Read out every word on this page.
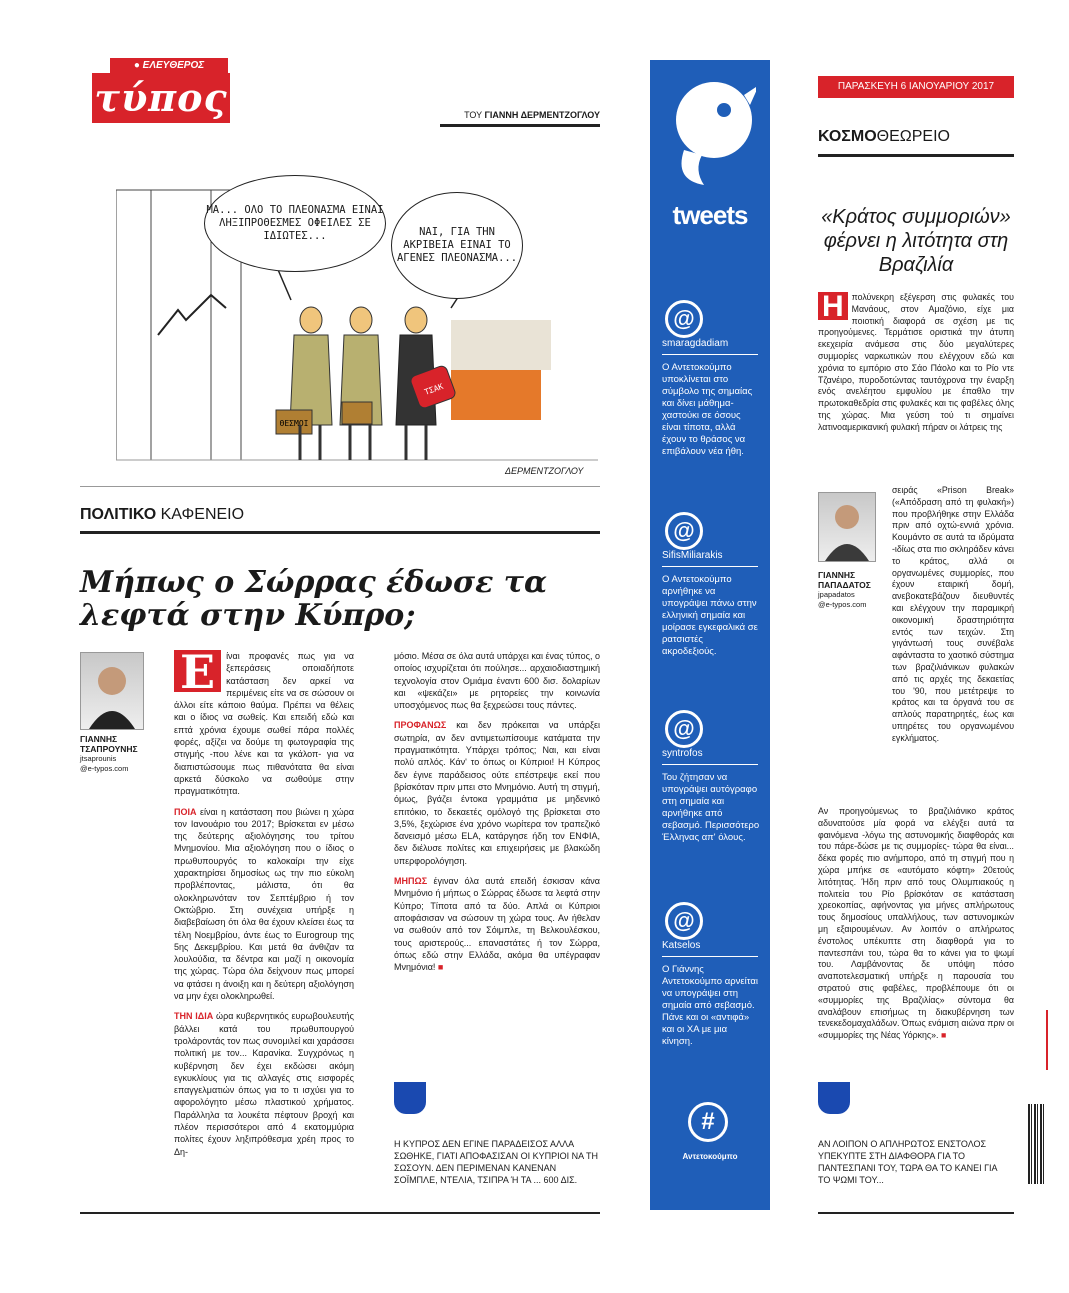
● ΕΛΕΥΘΕΡΟΣ
τύπος	ΤΟΥ ΓΙΑΝΝΗ ΔΕΡΜΕΝΤΖΟΓΛΟΥ
ΘΕΣΜΟΙ
ΤΣΑΚ
ΜΑ... ΟΛΟ ΤΟ ΠΛΕΟΝΑΣΜΑ ΕΙΝΑΙ ΛΗΞΙΠΡΟΘΕΣΜΕΣ ΟΦΕΙΛΕΣ ΣΕ ΙΔΙΩΤΕΣ...	ΝΑΙ, ΓΙΑ ΤΗΝ ΑΚΡΙΒΕΙΑ ΕΙΝΑΙ ΤΟ ΑΓΕΝΕΣ ΠΛΕΟΝΑΣΜΑ...
ΔΕΡΜΕΝΤΖΟΓΛΟΥ
ΠΟΛΙΤΙΚΟ ΚΑΦΕΝΕΙΟ
Μήπως ο Σώρρας έδωσε τα λεφτά στην Κύπρο;
ΓΙΑΝΝΗΣ
ΤΣΑΠΡΟΥΝΗΣ
jtsaprounis
@e-typos.com

Ε	ίναι προφανές πως για να ξεπεράσεις οποιαδήποτε κατάσταση δεν αρκεί να περιμένεις είτε να σε σώσουν οι άλλοι είτε κάποιο θαύμα. Πρέπει να θέλεις και ο ίδιος να σωθείς. Και επειδή εδώ και επτά χρόνια έχουμε σωθεί πάρα πολλές φορές, αξίζει να δούμε τη φωτογραφία της στιγμής -που λένε και τα γκάλοπ- για να διαπιστώσουμε πως πιθανότατα θα είναι αρκετά δύσκολο να σωθούμε στην πραγματικότητα.

ΠΟΙΑ είναι η κατάσταση που βιώνει η χώρα τον Ιανουάριο του 2017; Βρίσκεται εν μέσω της δεύτερης αξιολόγησης του τρίτου Μνημονίου. Μια αξιολόγηση που ο ίδιος ο πρωθυπουργός το καλοκαίρι την είχε χαρακτηρίσει δημοσίως ως την πιο εύκολη προβλέποντας, μάλιστα, ότι θα ολοκληρωνόταν τον Σεπτέμβριο ή τον Οκτώβριο. Στη συνέχεια υπήρξε η διαβεβαίωση ότι όλα θα έχουν κλείσει έως τα τέλη Νοεμβρίου, άντε έως το Eurogroup της 5ης Δεκεμβρίου. Και μετά θα άνθιζαν τα λουλούδια, τα δέντρα και μαζί η οικονομία της χώρας. Τώρα όλα δείχνουν πως μπορεί να φτάσει η άνοιξη και η δεύτερη αξιολόγηση να μην έχει ολοκληρωθεί.

ΤΗΝ ΙΔΙΑ ώρα κυβερνητικός ευρωβουλευτής βάλλει κατά του πρωθυπουργού τρολάροντάς τον πως συνομιλεί και χαράσσει πολιτική με τον... Καρανίκα. Συγχρόνως η κυβέρνηση δεν έχει εκδώσει ακόμη εγκυκλίους για τις αλλαγές στις εισφορές επαγγελματιών όπως για το τι ισχύει για το αφορολόγητο μέσω πλαστικού χρήματος. Παράλληλα τα λουκέτα πέφτουν βροχή και πλέον περισσότεροι από 4 εκατομμύρια πολίτες έχουν ληξιπρόθεσμα χρέη προς το Δη-

μόσιο. Μέσα σε όλα αυτά υπάρχει και ένας τύπος, ο οποίος ισχυρίζεται ότι πούλησε... αρχαιοδιαστημική τεχνολογία στον Ομιάμα έναντι 600 δισ. δολαρίων και «ψεκάζει» με ρητορείες την κοινωνία υποσχόμενος πως θα ξεχρεώσει τους πάντες.

ΠΡΟΦΑΝΩΣ και δεν πρόκειται να υπάρξει σωτηρία, αν δεν αντιμετωπίσουμε κατάματα την πραγματικότητα. Υπάρχει τρόπος; Ναι, και είναι πολύ απλός. Κάν' το όπως οι Κύπριοι! Η Κύπρος δεν έγινε παράδεισος ούτε επέστρεψε εκεί που βρίσκόταν πριν μπει στο Μνημόνιο. Αυτή τη στιγμή, όμως, βγάζει έντοκα γραμμάτια με μηδενικό επιτόκιο, το δεκαετές ομόλογό της βρίσκεται στο 3,5%, ξεχώρισε ένα χρόνο νωρίτερα τον τραπεζικό δανεισμό μέσω ELA, κατάργησε ήδη τον ΕΝΦΙΑ, δεν διέλυσε πολίτες και επιχειρήσεις με βλακώδη υπερφορολόγηση.

ΜΗΠΩΣ έγιναν όλα αυτά επειδή έσκισαν κάνα Μνημόνιο ή μήπως ο Σώρρας έδωσε τα λεφτά στην Κύπρο; Τίποτα από τα δύο. Απλά οι Κύπριοι αποφάσισαν να σώσουν τη χώρα τους. Αν ήθελαν να σωθούν από τον Σόιμπλε, τη Βελκουλέσκου, τους αριστερούς... επαναστάτες ή τον Σώρρα, όπως εδώ στην Ελλάδα, ακόμα θα υπέγραφαν Μνημόνια! ■

Η ΚΥΠΡΟΣ ΔΕΝ ΕΓΙΝΕ ΠΑΡΑΔΕΙΣΟΣ ΑΛΛΑ ΣΩΘΗΚΕ, ΓΙΑΤΙ ΑΠΟΦΑΣΙΣΑΝ ΟΙ ΚΥΠΡΙΟΙ ΝΑ ΤΗ ΣΩΣΟΥΝ. ΔΕΝ ΠΕΡΙΜΕΝΑΝ ΚΑΝΕΝΑΝ ΣΟΪΜΠΛΕ, ΝΤΕΛΙΑ, ΤΣΙΠΡΑ Ή ΤΑ ... 600 ΔΙΣ.
tweets
@
smaragdadiam
Ο Αντετοκούμπο υποκλίνεται στο σύμβολο της σημαίας και δίνει μάθημα-χαστούκι σε όσους είναι τίποτα, αλλά έχουν το θράσος να επιβάλουν νέα ήθη.
@
SifisMiliarakis
Ο Αντετοκούμπο αρνήθηκε να υπογράψει πάνω στην ελληνική σημαία και μοίρασε εγκεφαλικά σε ρατσιστές ακροδεξιούς.
@
syntrofos
Του ζήτησαν να υπογράψει αυτόγραφο στη σημαία και αρνήθηκε από σεβασμό. Περισσότερο Έλληνας απ' όλους.
@
Katselos
Ο Γιάννης Αντετοκούμπο αρνείται να υπογράψει στη σημαία από σεβασμό. Πάνε και οι «αντιφά» και οι ΧΑ με μια κίνηση.
#
Αντετοκούμπο
ΠΑΡΑΣΚΕΥΗ 6 ΙΑΝΟΥΑΡΙΟΥ 2017
ΚΟΣΜΟΘΕΩΡΕΙΟ
«Κράτος συμμοριών» φέρνει η λιτότητα στη Βραζιλία

Η πολύνεκρη εξέγερση στις φυλακές του Μανάους, στον Αμαζόνιο, είχε μια ποιοτική διαφορά σε σχέση με τις προηγούμενες. Τερμάτισε οριστικά την άτυπη εκεχειρία ανάμεσα στις δύο μεγαλύτερες συμμορίες ναρκωτικών που ελέγχουν εδώ και χρόνια το εμπόριο στο Σάο Πάολο και το Ρίο ντε Τζανέιρο, πυροδοτώντας ταυτόχρονα την έναρξη ενός ανελέητου εμφυλίου με έπαθλο την πρωτοκαθεδρία στις φυλακές και τις φαβέλες όλης της χώρας. Μια γεύση τού τι σημαίνει λατινοαμερικανική φυλακή πήραν οι λάτρεις της

ΓΙΑΝΝΗΣ
ΠΑΠΑΔΑΤΟΣ
jpapadatos
@e-typos.com

σειράς «Prison Break» («Απόδραση από τη φυλακή») που προβλήθηκε στην Ελλάδα πριν από οχτώ-εννιά χρόνια. Κουμάντο σε αυτά τα ιδρύματα -ιδίως στα πιο σκληράδεν κάνει το κράτος, αλλά οι οργανωμένες συμμορίες, που έχουν εταιρική δομή, ανεβοκατεβάζουν διευθυντές και ελέγχουν την παραμικρή οικονομική δραστηριότητα εντός των τειχών. Στη γιγάντωσή τους συνέβαλε αφάνταστα το χαοτικό σύστημα των βραζιλιάνικων φυλακών από τις αρχές της δεκαετίας του '90, που μετέτρεψε το κράτος και τα όργανά του σε απλούς παρατηρητές, έως και υπηρέτες του οργανωμένου εγκλήματος.

Αν προηγούμενως το βραζιλιάνικο κράτος αδυνατούσε μία φορά να ελέγξει αυτά τα φαινόμενα -λόγω της αστυνομικής διαφθοράς και του πάρε-δώσε με τις συμμορίες- τώρα θα είναι... δέκα φορές πιο ανήμπορο, από τη στιγμή που η χώρα μπήκε σε «αυτόματο κόφτη» 20ετούς λιτότητας. Ήδη πριν από τους Ολυμπιακούς η πολιτεία του Ρίο βρίσκόταν σε κατάσταση χρεοκοπίας, αφήνοντας για μήνες απλήρωτους τους δημοσίους υπαλλήλους, των αστυνομικών μη εξαιρουμένων. Αν λοιπόν ο απλήρωτος ένστολος υπέκυπτε στη διαφθορά για το παντεσπάνι του, τώρα θα το κάνει για το ψωμί του. Λαμβάνοντας δε υπόψη πόσο αναποτελεσματική υπήρξε η παρουσία του στρατού στις φαβέλες, προβλέπουμε ότι οι «συμμορίες της Βραζιλίας» σύντομα θα αναλάβουν επισήμως τη διακυβέρνηση των τενεκεδομαχαλάδων. Όπως ενάμιση αιώνα πριν οι «συμμορίες της Νέας Υόρκης». ■

ΑΝ ΛΟΙΠΟΝ Ο ΑΠΛΗΡΩΤΟΣ ΕΝΣΤΟΛΟΣ ΥΠΕΚΥΠΤΕ ΣΤΗ ΔΙΑΦΘΟΡΑ ΓΙΑ ΤΟ ΠΑΝΤΕΣΠΑΝΙ ΤΟΥ, ΤΩΡΑ ΘΑ ΤΟ ΚΑΝΕΙ ΓΙΑ ΤΟ ΨΩΜΙ ΤΟΥ...
